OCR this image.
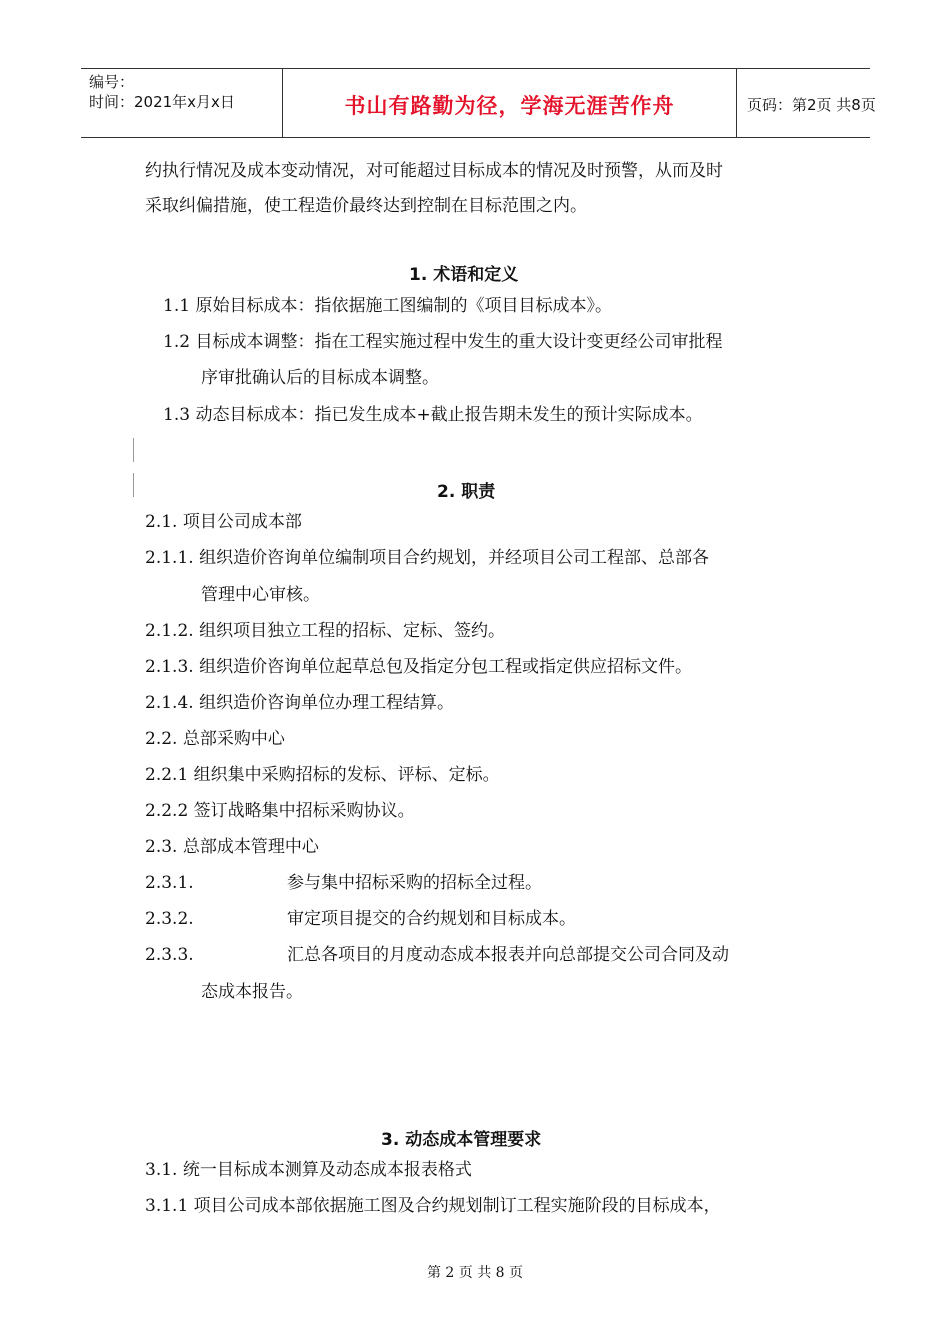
编号：
时间：2021年x月x日	书山有路勤为径，学海无涯苦作舟	页码：第2页 共8页
约执行情况及成本变动情况，对可能超过目标成本的情况及时预警，从而及时
采取纠偏措施，使工程造价最终达到控制在目标范围之内。
1. 术语和定义
1.1 原始目标成本：指依据施工图编制的《项目目标成本》。
1.2 目标成本调整：指在工程实施过程中发生的重大设计变更经公司审批程
序审批确认后的目标成本调整。
1.3 动态目标成本：指已发生成本+截止报告期未发生的预计实际成本。
2. 职责
2.1. 项目公司成本部
2.1.1. 组织造价咨询单位编制项目合约规划，并经项目公司工程部、总部各
管理中心审核。
2.1.2. 组织项目独立工程的招标、定标、签约。
2.1.3. 组织造价咨询单位起草总包及指定分包工程或指定供应招标文件。
2.1.4. 组织造价咨询单位办理工程结算。
2.2. 总部采购中心
2.2.1 组织集中采购招标的发标、评标、定标。
2.2.2 签订战略集中招标采购协议。
2.3. 总部成本管理中心
2.3.1.	参与集中招标采购的招标全过程。
2.3.2.	审定项目提交的合约规划和目标成本。
2.3.3.	汇总各项目的月度动态成本报表并向总部提交公司合同及动
态成本报告。
3. 动态成本管理要求
3.1. 统一目标成本测算及动态成本报表格式
3.1.1 项目公司成本部依据施工图及合约规划制订工程实施阶段的目标成本，
第 2 页 共 8 页
